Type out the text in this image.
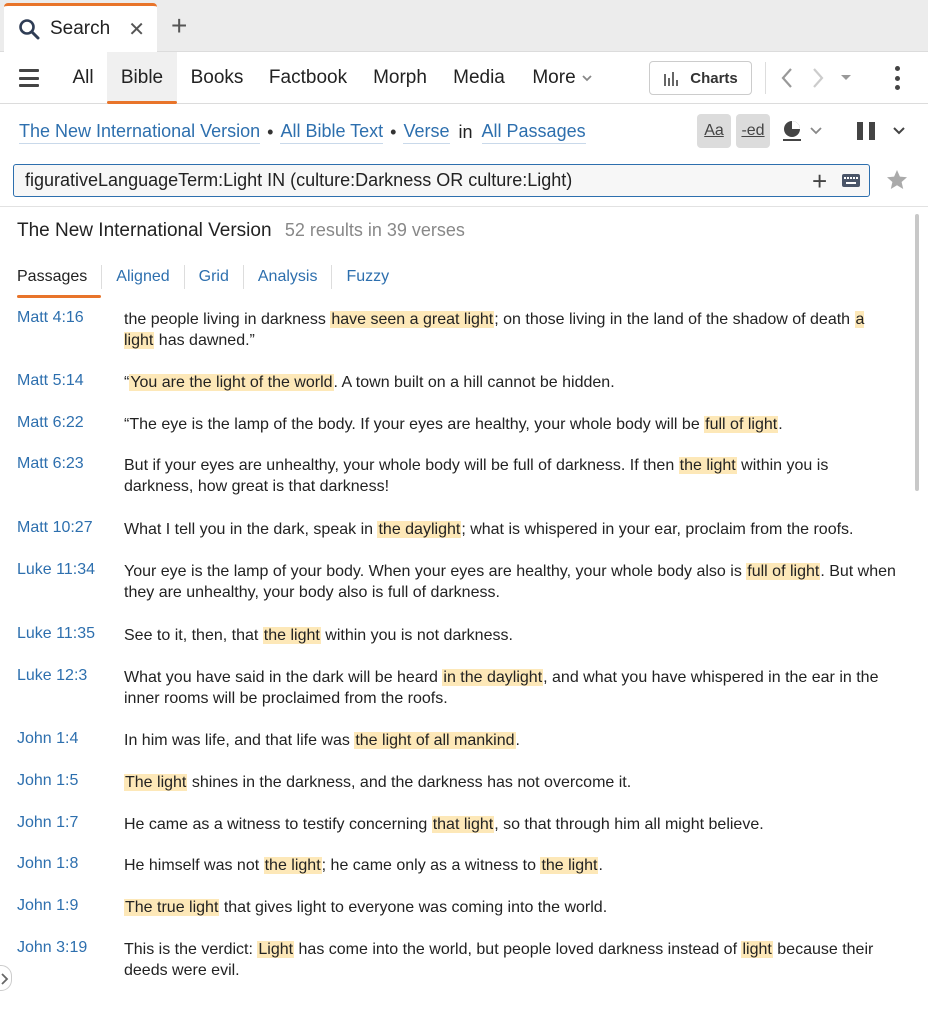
Search ✕ +
All	Bible	Books	Factbook	Morph	Media	More	Charts
The New International Version • All Bible Text • Verse in All Passages	Aa	-ed
figurativeLanguageTerm:Light IN (culture:Darkness OR culture:Light)
+
The New International Version 52 results in 39 verses
Passages	Aligned	Grid	Analysis	Fuzzy
Matt 4:16	the people living in darkness have seen a great light; on those living in the land of the shadow of death a light has dawned.”
Matt 5:14	“You are the light of the world. A town built on a hill cannot be hidden.
Matt 6:22	“The eye is the lamp of the body. If your eyes are healthy, your whole body will be full of light.
Matt 6:23	But if your eyes are unhealthy, your whole body will be full of darkness. If then the light within you is darkness, how great is that darkness!
Matt 10:27 What I tell you in the dark, speak in the daylight; what is whispered in your ear, proclaim from the roofs.
Luke 11:34 Your eye is the lamp of your body. When your eyes are healthy, your whole body also is full of light. But when they are unhealthy, your body also is full of darkness.
Luke 11:35 See to it, then, that the light within you is not darkness.
Luke 12:3 What you have said in the dark will be heard in the daylight, and what you have whispered in the ear in the inner rooms will be proclaimed from the roofs.
John 1:4	In him was life, and that life was the light of all mankind.
John 1:5	The light shines in the darkness, and the darkness has not overcome it.
John 1:7	He came as a witness to testify concerning that light, so that through him all might believe.
John 1:8	He himself was not the light; he came only as a witness to the light.
John 1:9	The true light that gives light to everyone was coming into the world.
John 3:19 This is the verdict: Light has come into the world, but people loved darkness instead of light because their deeds were evil.
